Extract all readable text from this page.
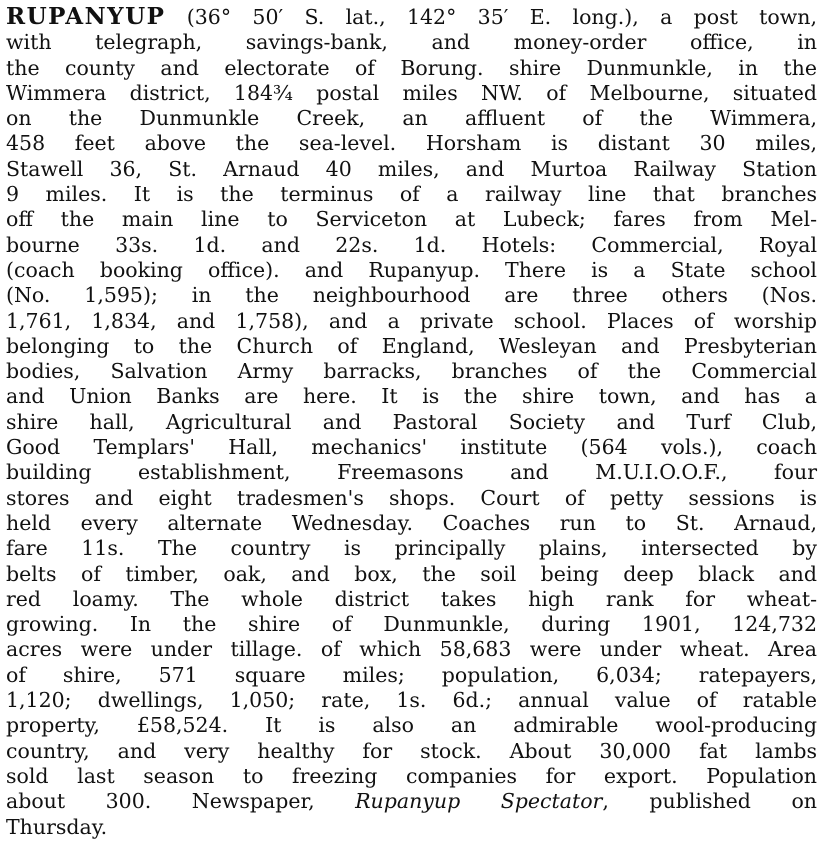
RUPANYUP (36° 50′ S. lat., 142° 35′ E. long.), a post town,
with telegraph, savings-bank, and money-order office, in
the county and electorate of Borung. shire Dunmunkle, in the
Wimmera district, 184¾ postal miles NW. of Melbourne, situated
on the Dunmunkle Creek, an affluent of the Wimmera,
458 feet above the sea-level. Horsham is distant 30 miles,
Stawell 36, St. Arnaud 40 miles, and Murtoa Railway Station
9 miles. It is the terminus of a railway line that branches
off the main line to Serviceton at Lubeck; fares from Mel-
bourne 33s. 1d. and 22s. 1d. Hotels: Commercial, Royal
(coach booking office). and Rupanyup. There is a State school
(No. 1,595); in the neighbourhood are three others (Nos.
1,761, 1,834, and 1,758), and a private school. Places of worship
belonging to the Church of England, Wesleyan and Presbyterian
bodies, Salvation Army barracks, branches of the Commercial
and Union Banks are here. It is the shire town, and has a
shire hall, Agricultural and Pastoral Society and Turf Club,
Good Templars' Hall, mechanics' institute (564 vols.), coach
building establishment, Freemasons and M.U.I.O.O.F., four
stores and eight tradesmen's shops. Court of petty sessions is
held every alternate Wednesday. Coaches run to St. Arnaud,
fare 11s. The country is principally plains, intersected by
belts of timber, oak, and box, the soil being deep black and
red loamy. The whole district takes high rank for wheat-
growing. In the shire of Dunmunkle, during 1901, 124,732
acres were under tillage. of which 58,683 were under wheat. Area
of shire, 571 square miles; population, 6,034; ratepayers,
1,120; dwellings, 1,050; rate, 1s. 6d.; annual value of ratable
property, £58,524. It is also an admirable wool-producing
country, and very healthy for stock. About 30,000 fat lambs
sold last season to freezing companies for export. Population
about 300. Newspaper, Rupanyup Spectator, published on
Thursday.
